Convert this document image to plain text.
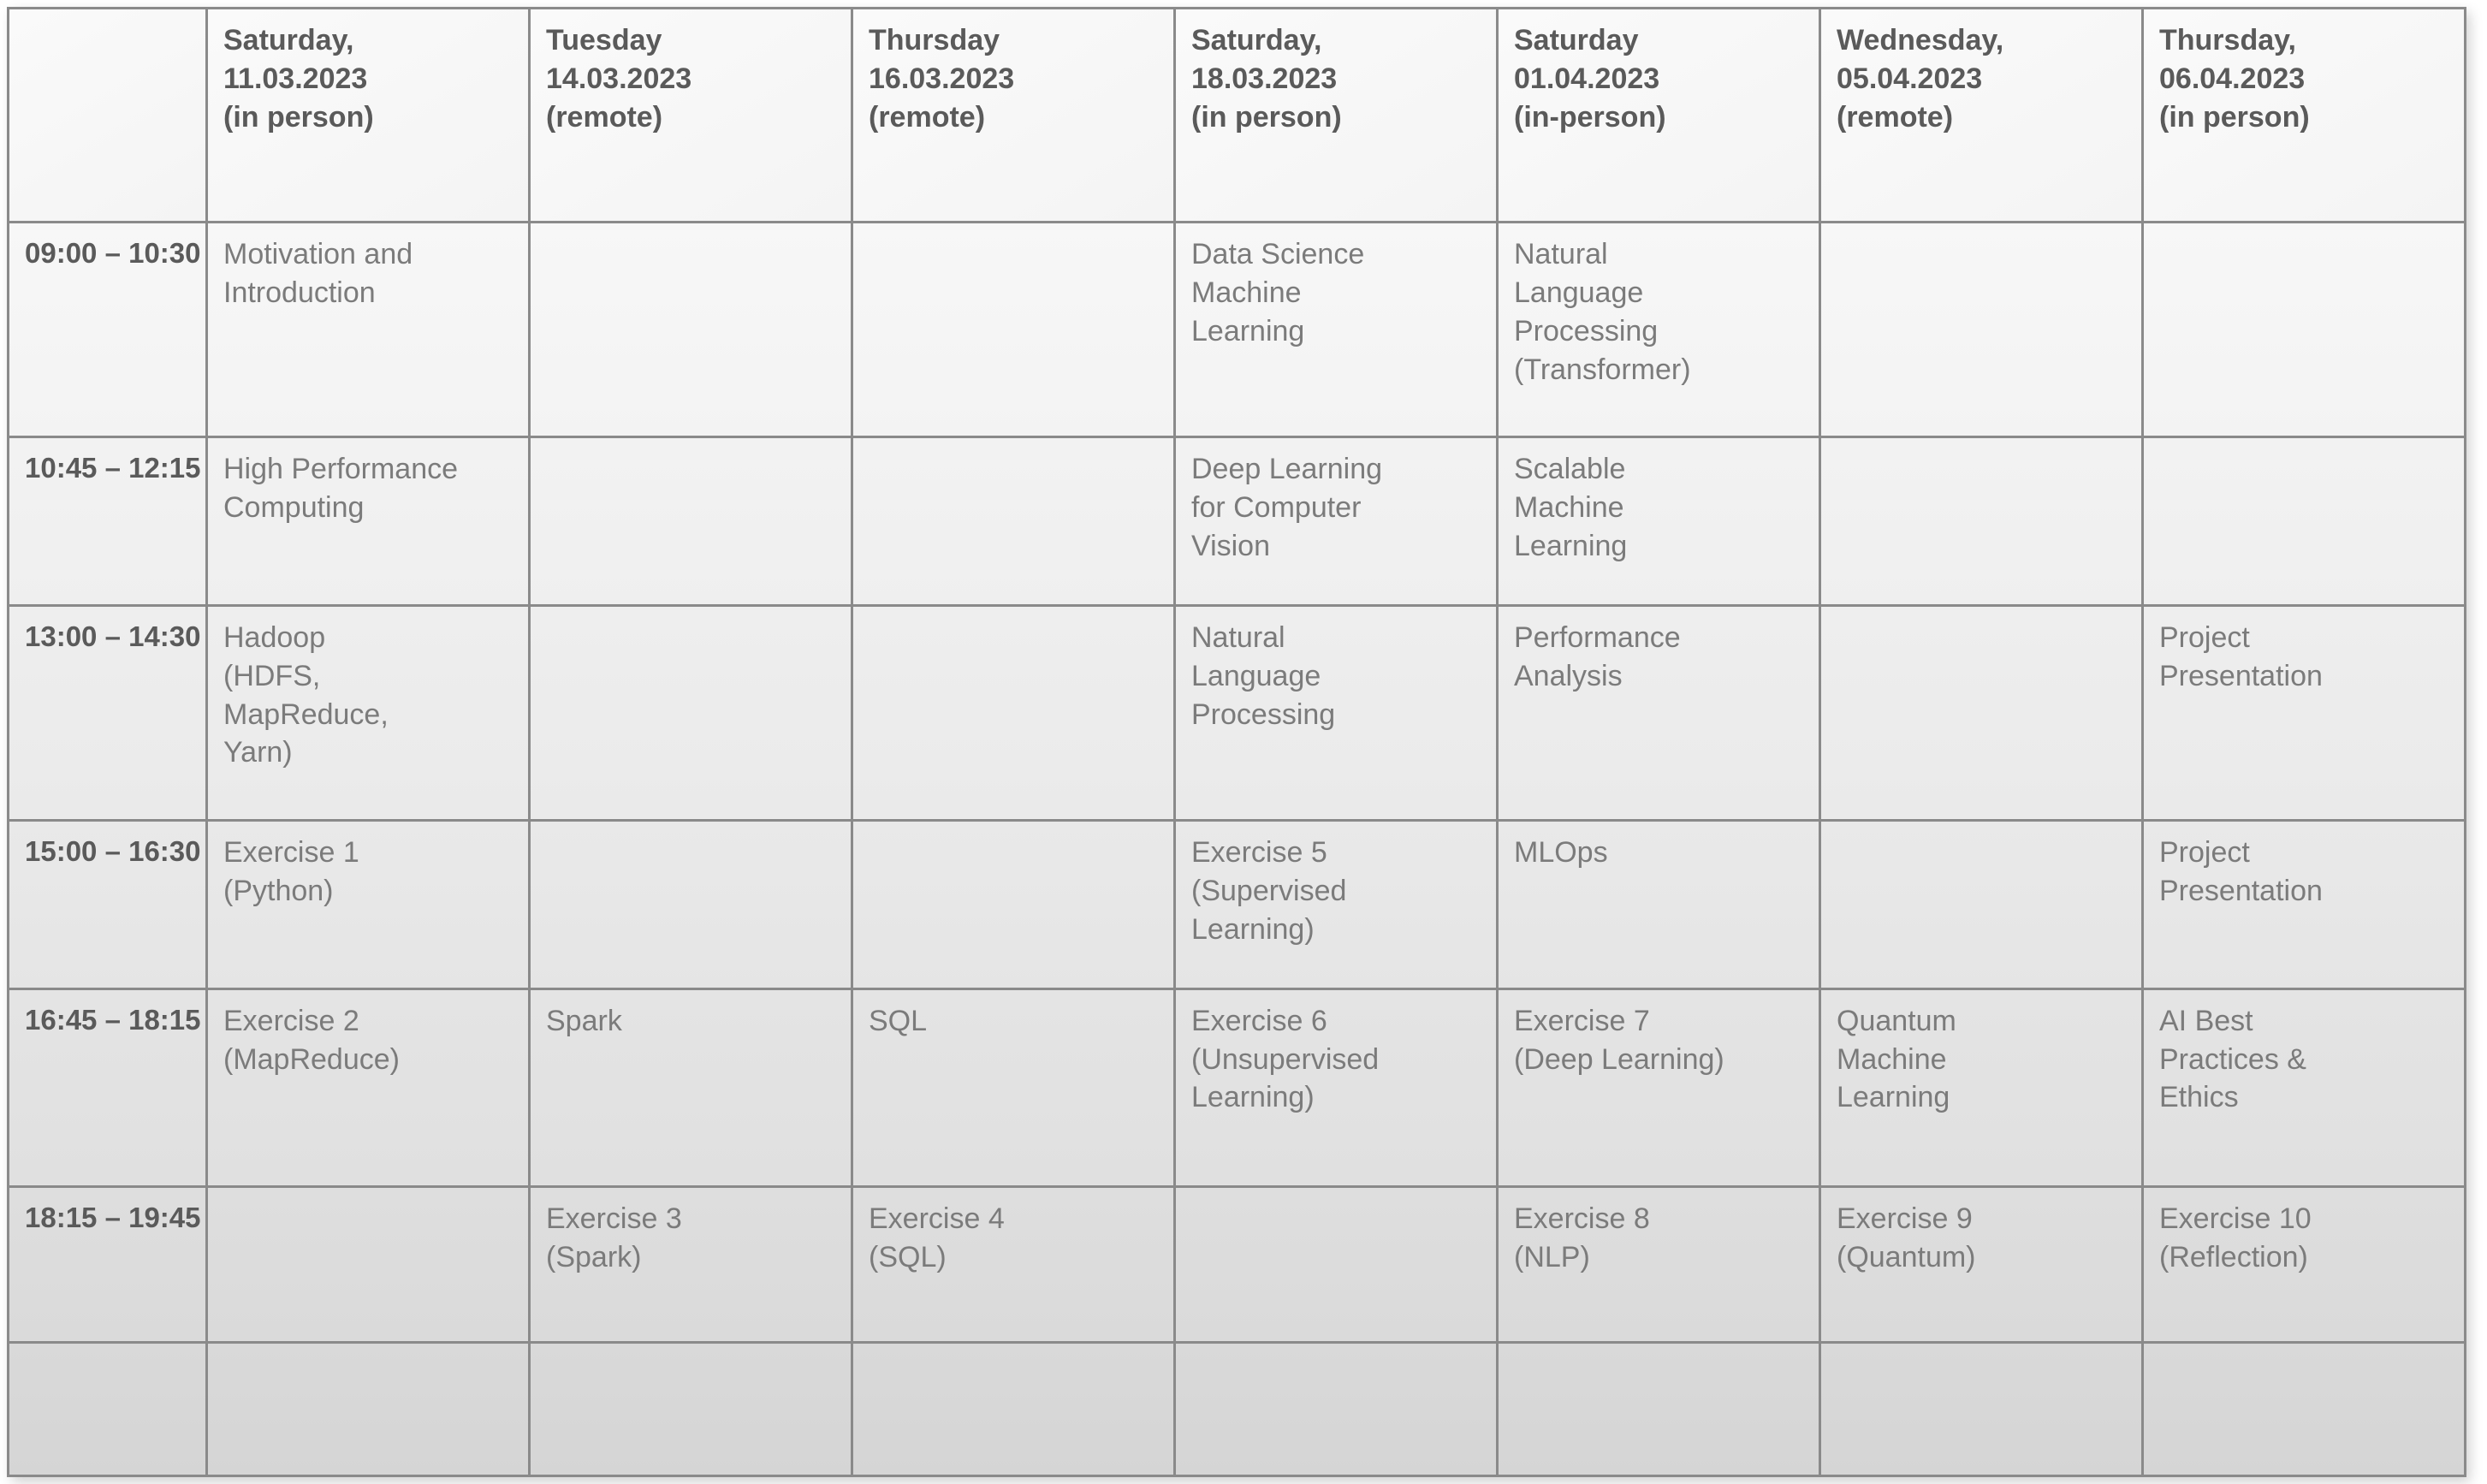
	Saturday,
11.03.2023
(in person)	Tuesday
14.03.2023
(remote)	Thursday
16.03.2023
(remote)	Saturday,
18.03.2023
(in person)	Saturday
01.04.2023
(in-person)	Wednesday,
05.04.2023
(remote)	Thursday,
06.04.2023
(in person)

09:00 – 10:30	Motivation and
Introduction			Data Science
Machine
Learning	Natural
Language
Processing
(Transformer)		

10:45 – 12:15	High Performance
Computing			Deep Learning
for Computer
Vision	Scalable
Machine
Learning		

13:00 – 14:30	Hadoop
(HDFS,
MapReduce,
Yarn)			Natural
Language
Processing	Performance
Analysis		Project
Presentation

15:00 – 16:30	Exercise 1
(Python)			Exercise 5
(Supervised
Learning)	MLOps		Project
Presentation

16:45 – 18:15	Exercise 2
(MapReduce)	Spark	SQL	Exercise 6
(Unsupervised
Learning)	Exercise 7
(Deep Learning)	Quantum
Machine
Learning	AI Best
Practices &
Ethics

18:15 – 19:45		Exercise 3
(Spark)	Exercise 4
(SQL)		Exercise 8
(NLP)	Exercise 9
(Quantum)	Exercise 10
(Reflection)
